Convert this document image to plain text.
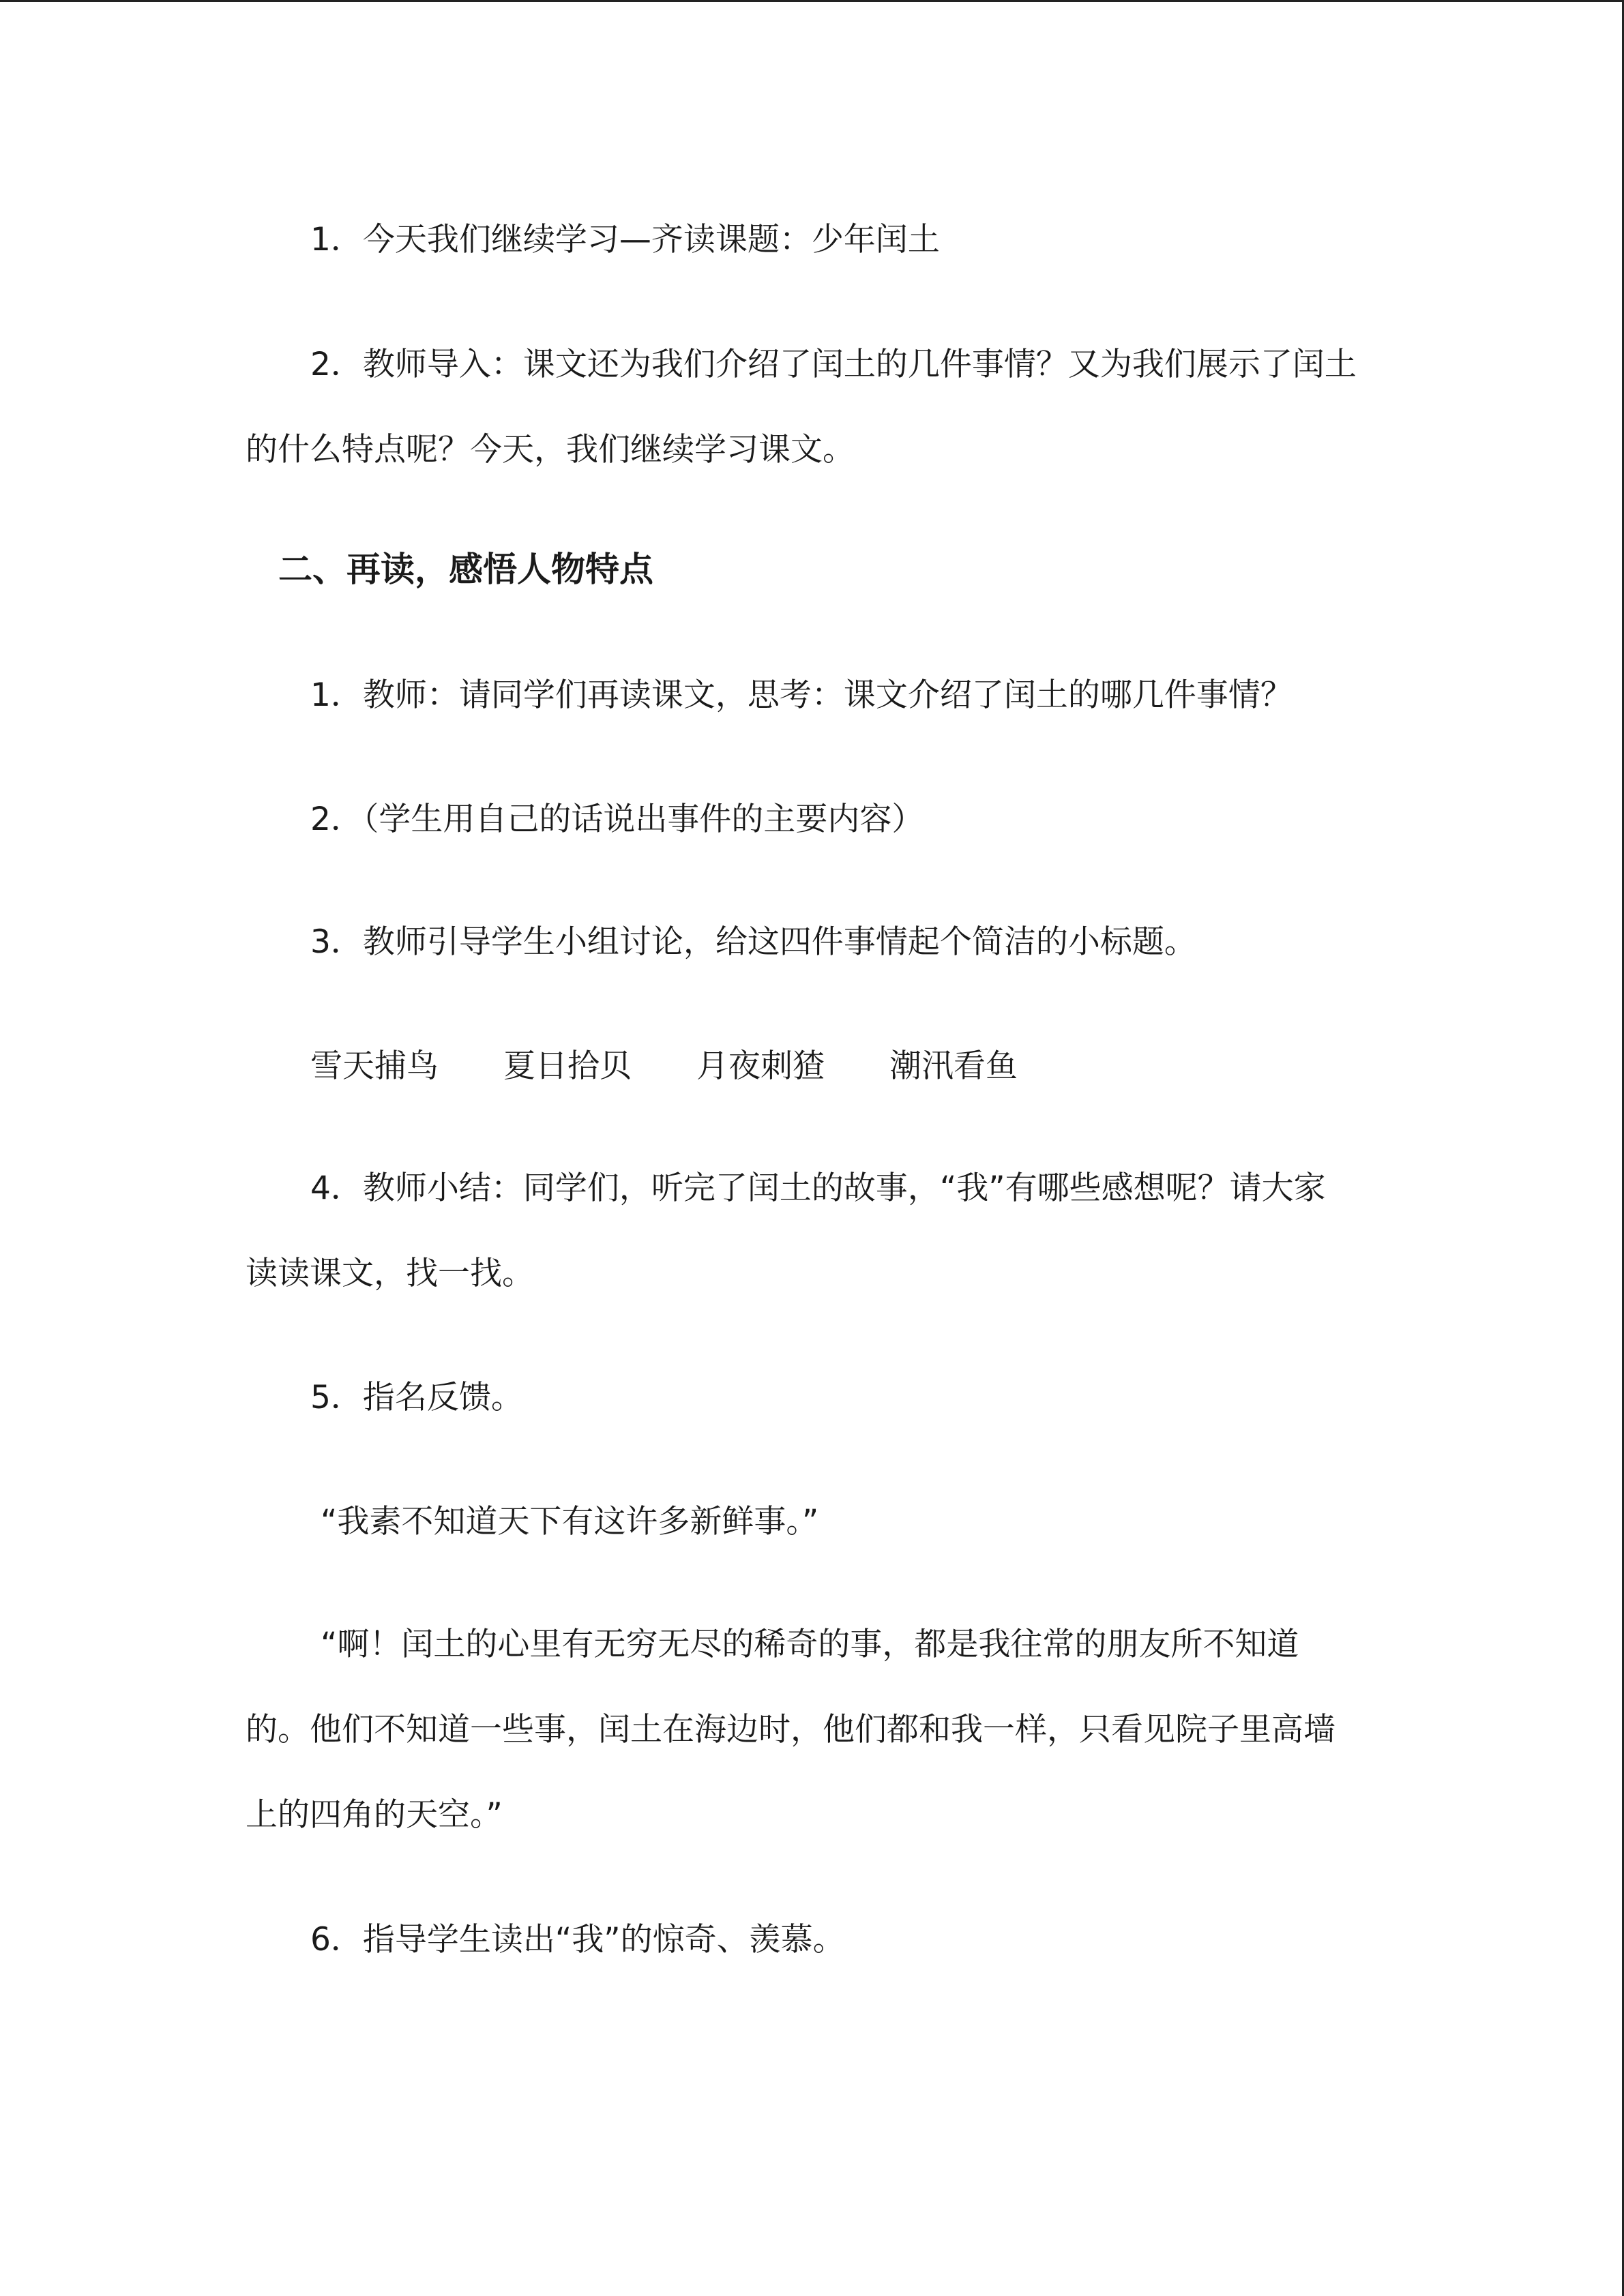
1．今天我们继续学习—齐读课题：少年闰土
2．教师导入：课文还为我们介绍了闰土的几件事情？又为我们展示了闰土
的什么特点呢？今天，我们继续学习课文。
二、再读，感悟人物特点
1．教师：请同学们再读课文，思考：课文介绍了闰土的哪几件事情？
2．（学生用自己的话说出事件的主要内容）
3．教师引导学生小组讨论，给这四件事情起个简洁的小标题。
雪天捕鸟 夏日拾贝 月夜刺猹 潮汛看鱼
4．教师小结：同学们，听完了闰土的故事，“我”有哪些感想呢？请大家
读读课文，找一找。
5．指名反馈。
“我素不知道天下有这许多新鲜事。”
“啊！闰土的心里有无穷无尽的稀奇的事，都是我往常的朋友所不知道
的。他们不知道一些事，闰土在海边时，他们都和我一样，只看见院子里高墙
上的四角的天空。”
6．指导学生读出“我”的惊奇、羡慕。
